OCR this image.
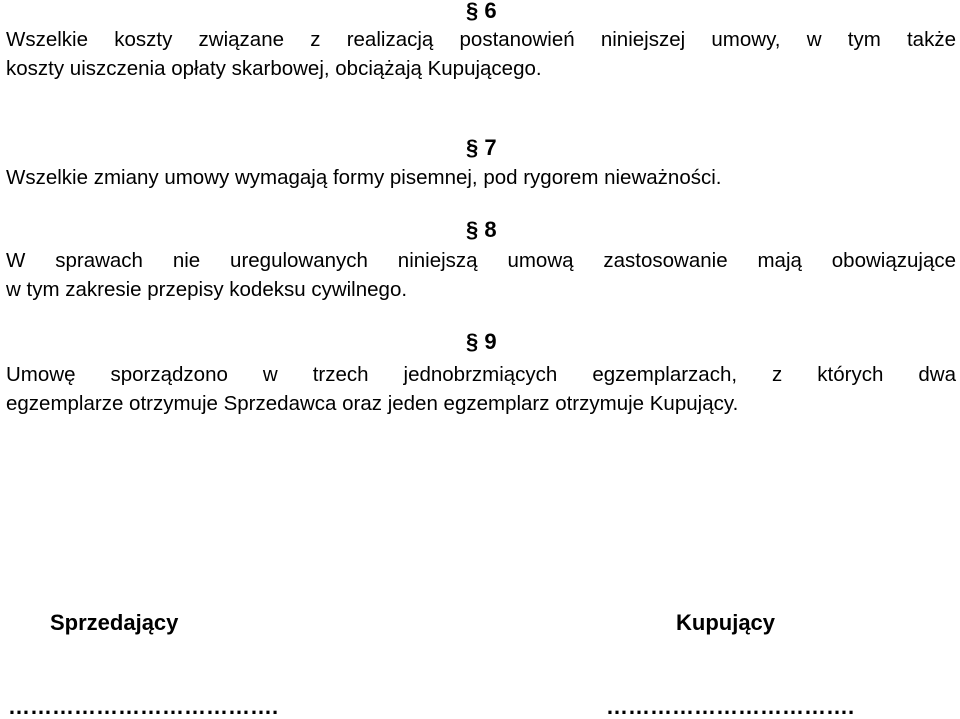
§ 6
Wszelkie koszty związane z realizacją postanowień niniejszej umowy, w tym także
koszty uiszczenia opłaty skarbowej, obciążają Kupującego.
§ 7
Wszelkie zmiany umowy wymagają formy pisemnej, pod rygorem nieważności.
§ 8
W sprawach nie uregulowanych niniejszą umową zastosowanie mają obowiązujące
w tym zakresie przepisy kodeksu cywilnego.
§ 9
Umowę sporządzono w trzech jednobrzmiących egzemplarzach, z których dwa
egzemplarze otrzymuje Sprzedawca oraz jeden egzemplarz otrzymuje Kupujący.
Sprzedający	Kupujący
……………………………….	…………………………….
